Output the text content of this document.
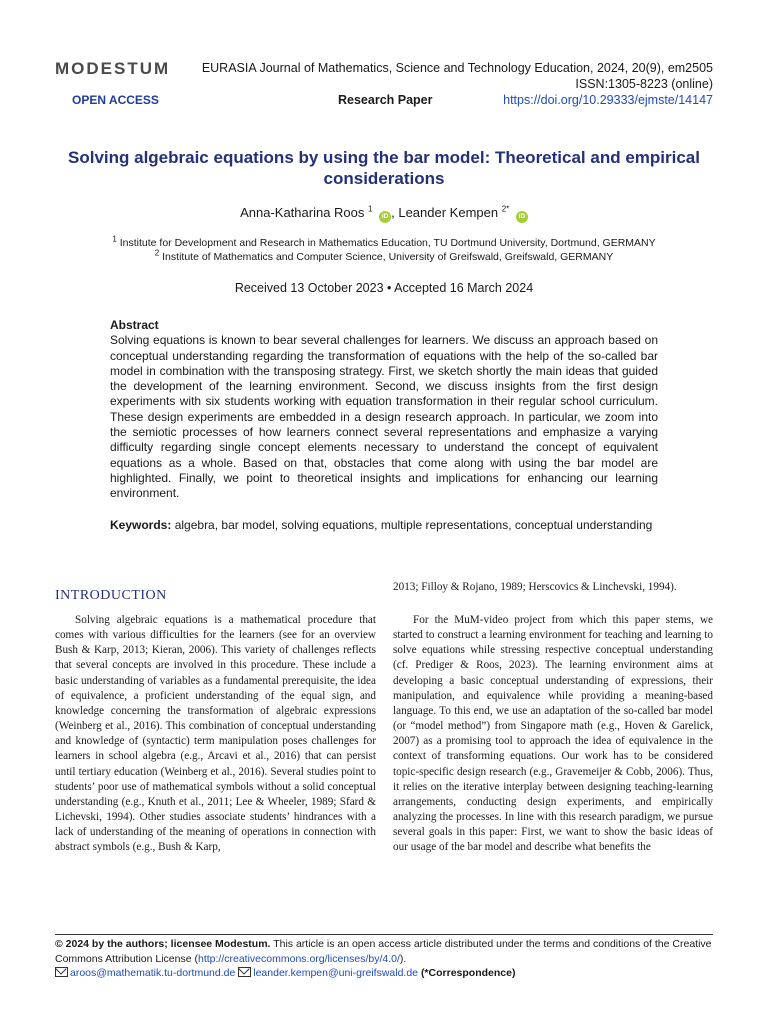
MODESTUM	EURASIA Journal of Mathematics, Science and Technology Education, 2024, 20(9), em2505
ISSN:1305-8223 (online)
OPEN ACCESS	Research Paper	https://doi.org/10.29333/ejmste/14147
Solving algebraic equations by using the bar model: Theoretical and empirical considerations
Anna-Katharina Roos $^1$ iD , Leander Kempen $^{2*}$ iD
$^1$ Institute for Development and Research in Mathematics Education, TU Dortmund University, Dortmund, GERMANY
$^2$ Institute of Mathematics and Computer Science, University of Greifswald, Greifswald, GERMANY
Received 13 October 2023 • Accepted 16 March 2024
Abstract

Solving equations is known to bear several challenges for learners. We discuss an approach based on conceptual understanding regarding the transformation of equations with the help of the so-called bar model in combination with the transposing strategy. First, we sketch shortly the main ideas that guided the development of the learning environment. Second, we discuss insights from the first design experiments with six students working with equation transformation in their regular school curriculum. These design experiments are embedded in a design research approach. In particular, we zoom into the semiotic processes of how learners connect several representations and emphasize a varying difficulty regarding single concept elements necessary to understand the concept of equivalent equations as a whole. Based on that, obstacles that come along with using the bar model are highlighted. Finally, we point to theoretical insights and implications for enhancing our learning environment.

Keywords: algebra, bar model, solving equations, multiple representations, conceptual understanding
INTRODUCTION

Solving algebraic equations is a mathematical procedure that comes with various difficulties for the learners (see for an overview Bush & Karp, 2013; Kieran, 2006). This variety of challenges reflects that several concepts are involved in this procedure. These include a basic understanding of variables as a fundamental prerequisite, the idea of equivalence, a proficient understanding of the equal sign, and knowledge concerning the transformation of algebraic expressions (Weinberg et al., 2016). This combination of conceptual understanding and knowledge of (syntactic) term manipulation poses challenges for learners in school algebra (e.g., Arcavi et al., 2016) that can persist until tertiary education (Weinberg et al., 2016). Several studies point to students’ poor use of mathematical symbols without a solid conceptual understanding (e.g., Knuth et al., 2011; Lee & Wheeler, 1989; Sfard & Lichevski, 1994). Other studies associate students’ hindrances with a lack of understanding of the meaning of operations in connection with abstract symbols (e.g., Bush & Karp,

2013; Filloy & Rojano, 1989; Herscovics & Linchevski, 1994).

For the MuM-video project from which this paper stems, we started to construct a learning environment for teaching and learning to solve equations while stressing respective conceptual understanding (cf. Prediger & Roos, 2023). The learning environment aims at developing a basic conceptual understanding of expressions, their manipulation, and equivalence while providing a meaning-based language. To this end, we use an adaptation of the so-called bar model (or “model method”) from Singapore math (e.g., Hoven & Garelick, 2007) as a promising tool to approach the idea of equivalence in the context of transforming equations. Our work has to be considered topic-specific design research (e.g., Gravemeijer & Cobb, 2006). Thus, it relies on the iterative interplay between designing teaching-learning arrangements, conducting design experiments, and empirically analyzing the processes. In line with this research paradigm, we pursue several goals in this paper: First, we want to show the basic ideas of our usage of the bar model and describe what benefits the

© 2024 by the authors; licensee Modestum. This article is an open access article distributed under the terms and conditions of the Creative Commons Attribution License (http://creativecommons.org/licenses/by/4.0/).
aroos@mathematik.tu-dortmund.de leander.kempen@uni-greifswald.de (*Correspondence)
